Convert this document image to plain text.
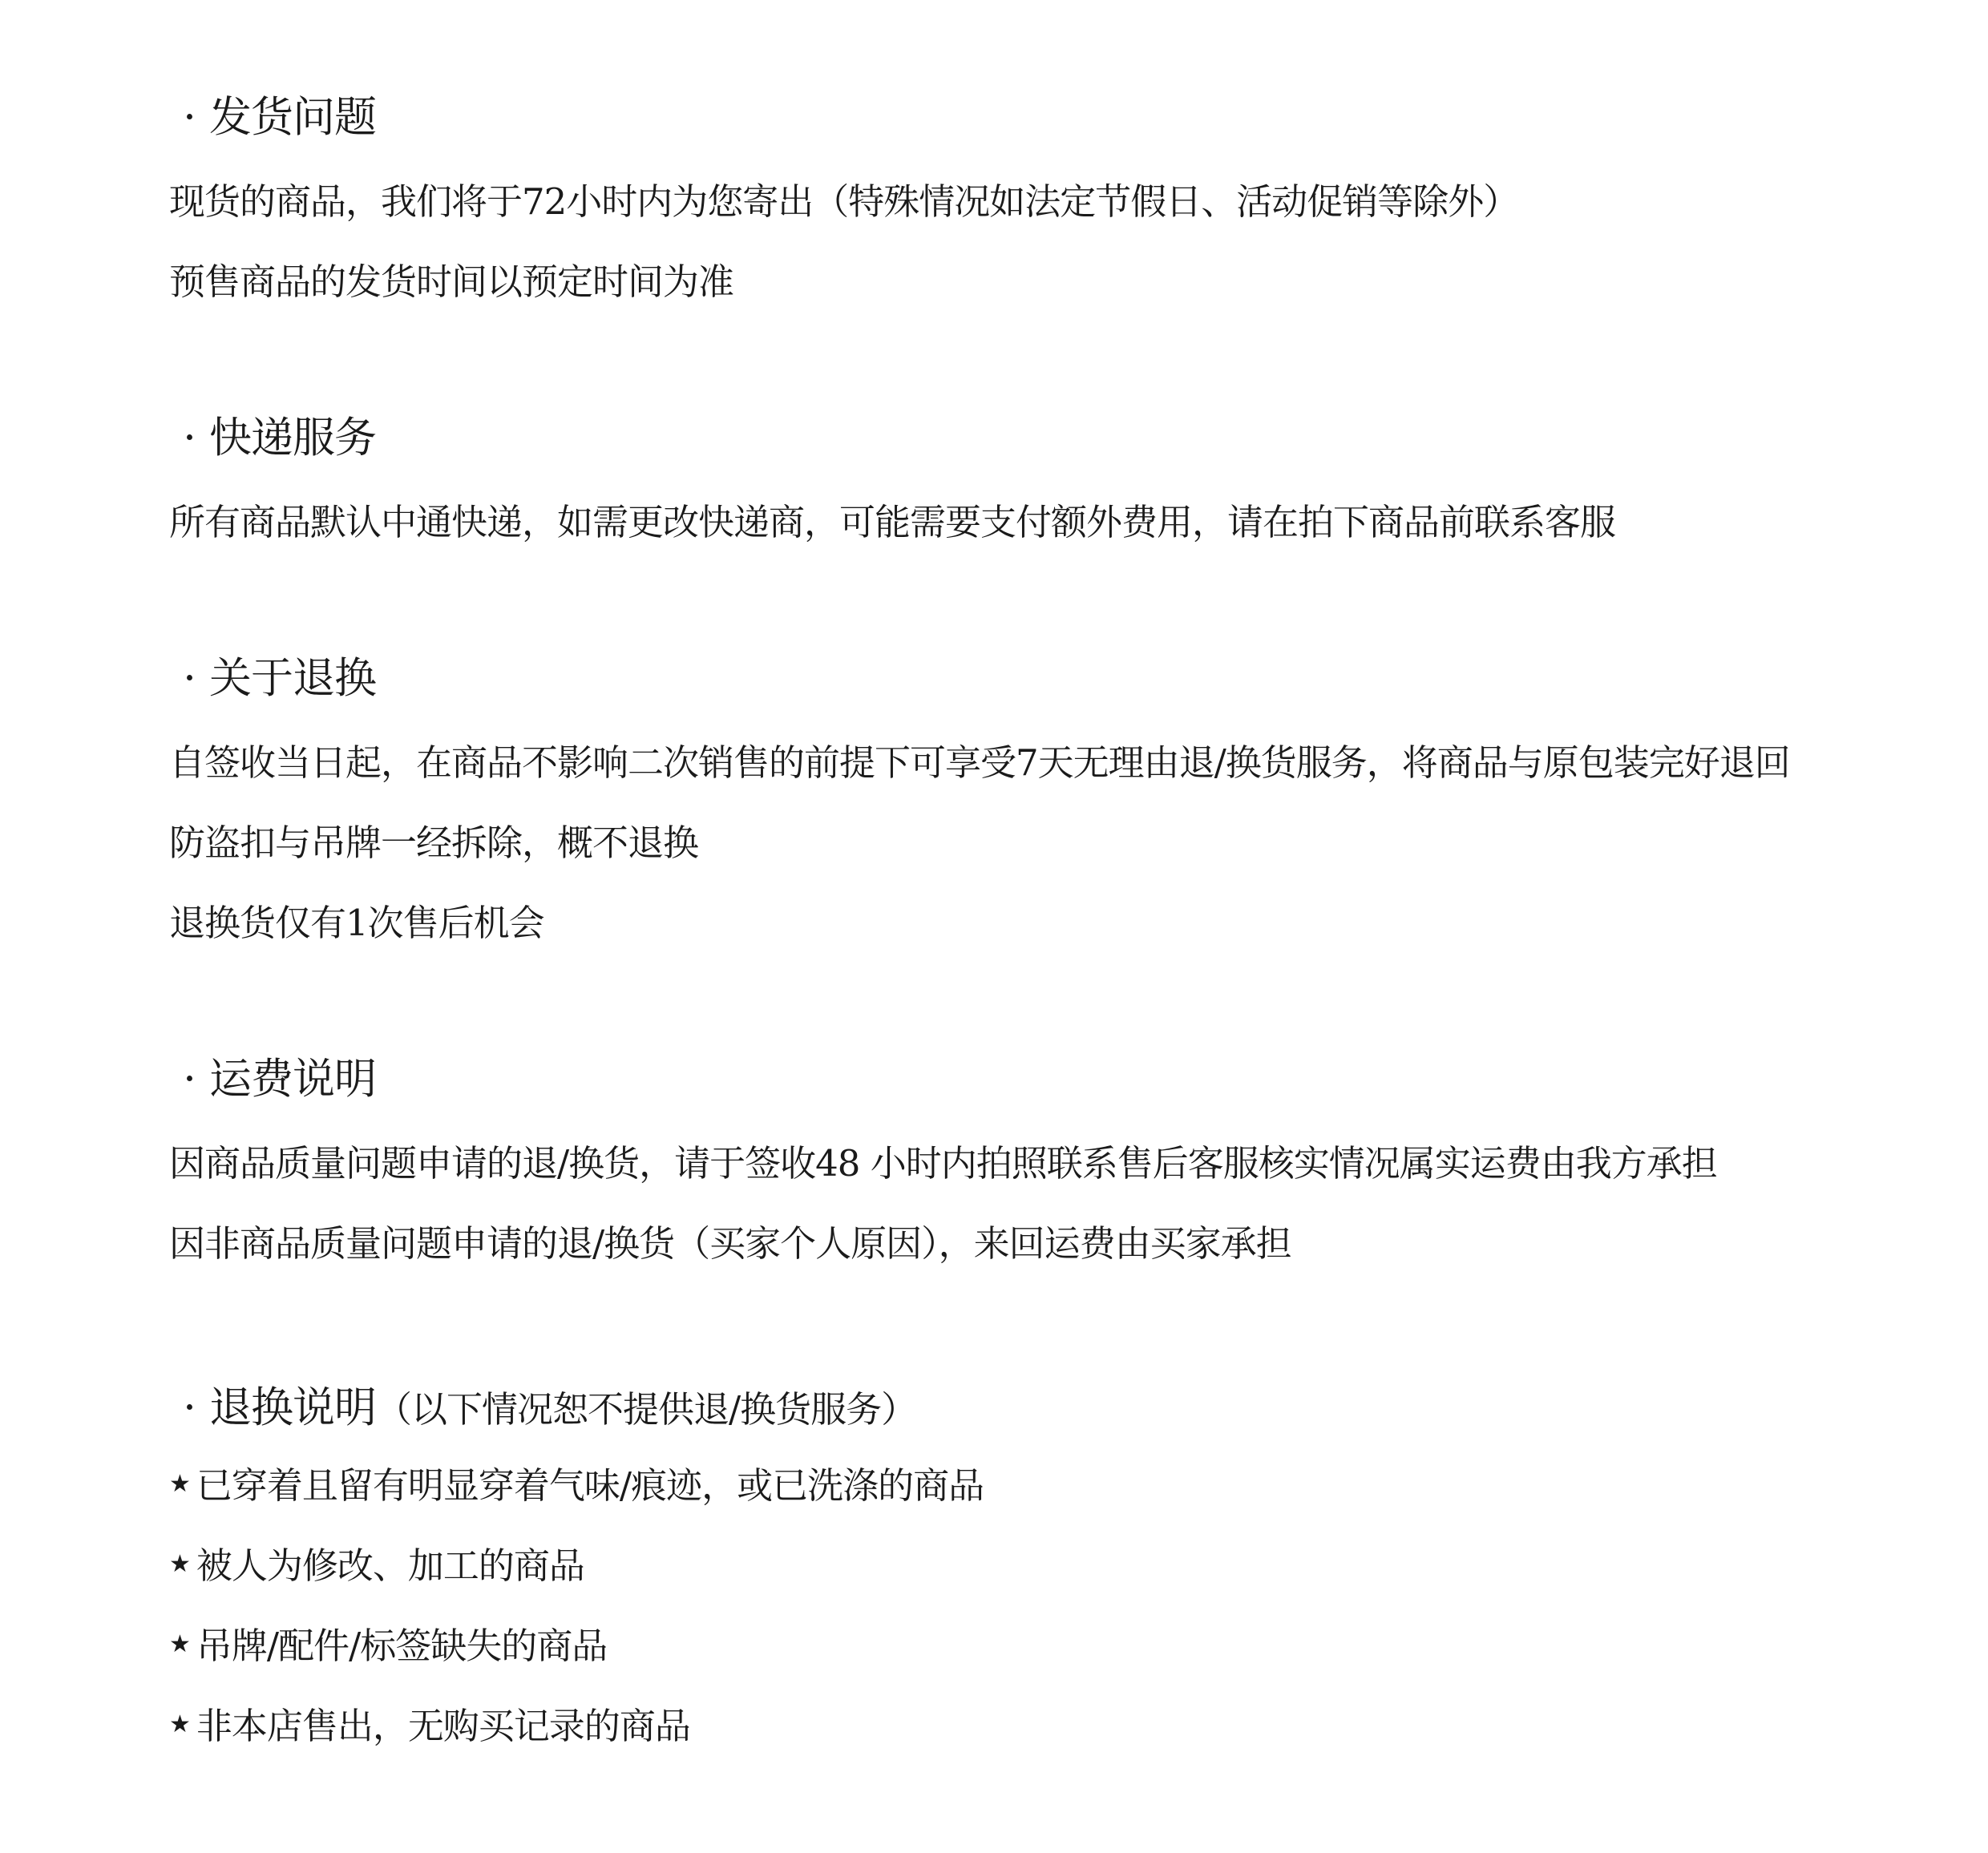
· 发货问题
现货的商品，我们将于72小时内为您寄出（特殊情况如法定节假日、活动促销等除外）
预售商品的发货时间以预定时间为准
· 快递服务
所有商品默认中通快递，如需更改快递商，可能需要支付额外费用，请在拍下商品前联系客服
· 关于退换
自签收当日起，在商品不影响二次销售的前提下可享受7天无理由退/换货服务，将商品与原包装完好退回
防盗扣与吊牌一经拆除，概不退换
退换货仅有1次售后机会
· 运费说明
因商品质量问题申请的退/换货，请于签收48 小时内拍照联系售后客服核实情况属实运费由我方承担
因非商品质量问题申请的退/换货（买家个人原因），来回运费由买家承担
· 退换说明（以下情况恕不提供退/换货服务）
★ 已穿着且留有明显穿着气味/痕迹，或已洗涤的商品
★ 被人为修改、加工的商品
★ 吊牌/配件/标签缺失的商品
★ 非本店售出，无购买记录的商品
